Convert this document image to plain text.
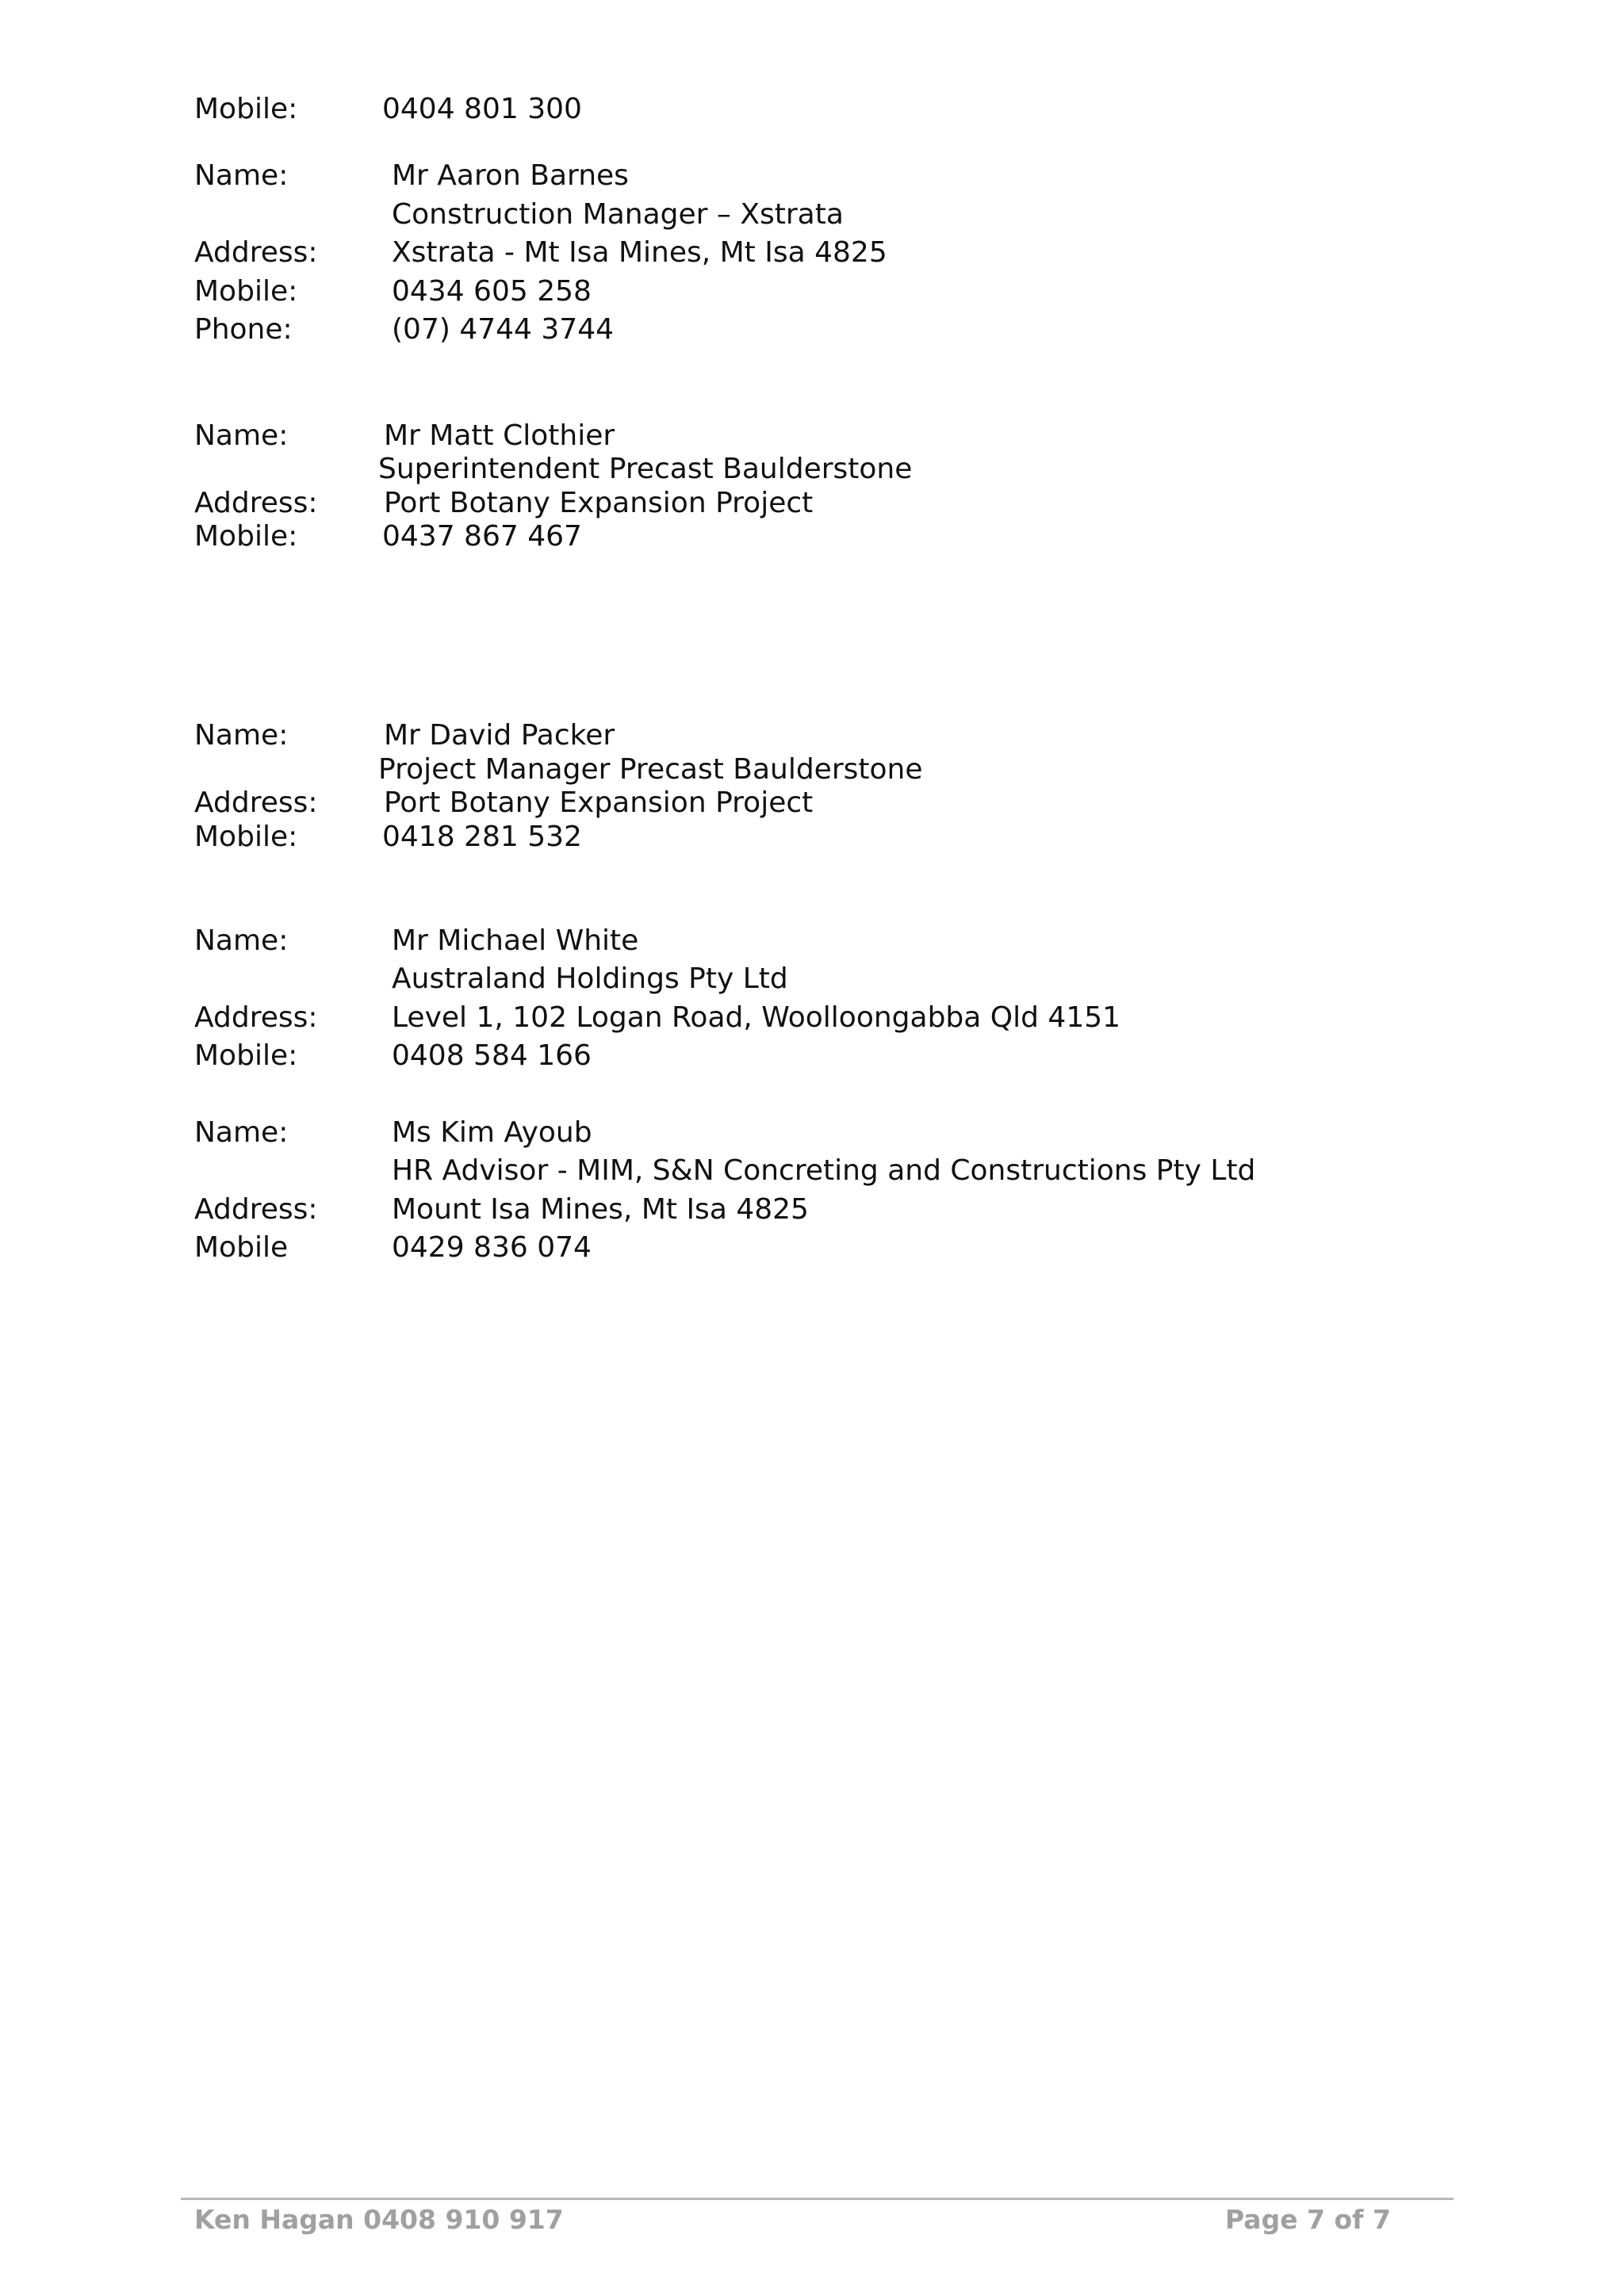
Mobile:	0404 801 300
Name:	Mr Aaron Barnes
Construction Manager – Xstrata
Address:	Xstrata - Mt Isa Mines, Mt Isa 4825
Mobile:	0434 605 258
Phone:	(07) 4744 3744
Name:	Mr Matt Clothier
Superintendent Precast Baulderstone
Address: Port Botany Expansion Project
Mobile:	0437 867 467
Name:	Mr David Packer
Project Manager Precast Baulderstone
Address: Port Botany Expansion Project
Mobile:	0418 281 532
Name:	Mr Michael White
Australand Holdings Pty Ltd
Address:	Level 1, 102 Logan Road, Woolloongabba Qld 4151
Mobile:	0408 584 166
Name:	Ms Kim Ayoub
HR Advisor - MIM, S&N Concreting and Constructions Pty Ltd
Address:	Mount Isa Mines, Mt Isa 4825
Mobile	0429 836 074
Ken Hagan 0408 910 917	Page 7 of 7
